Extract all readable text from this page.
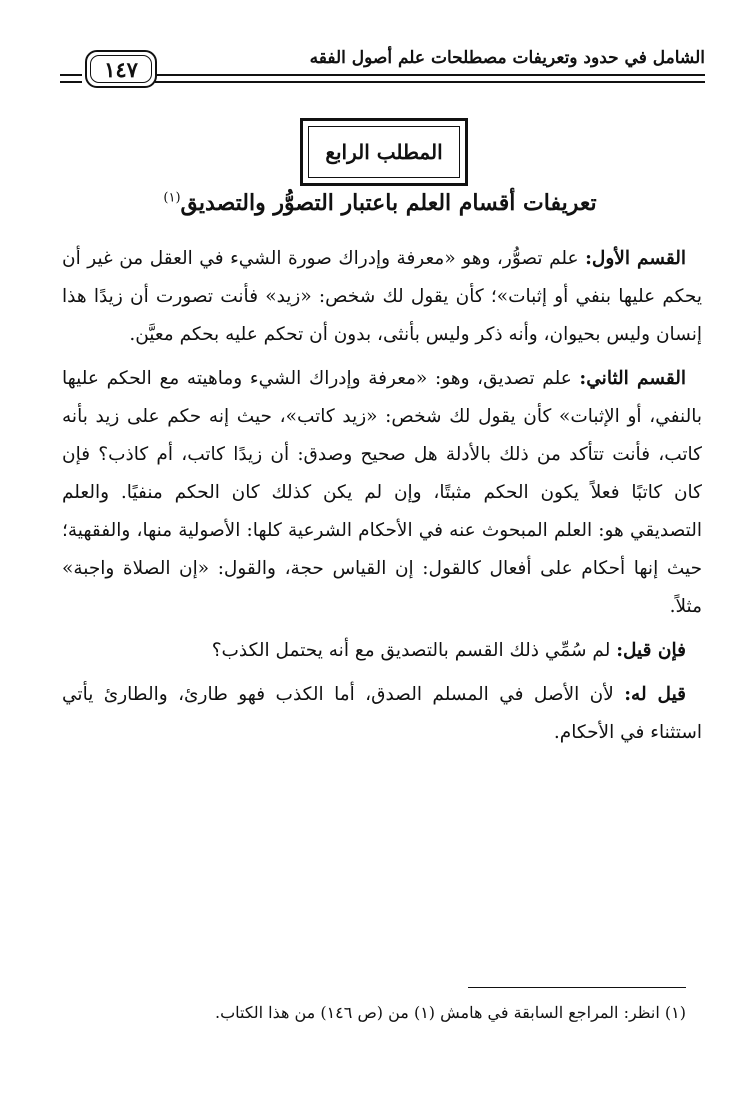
الشامل في حدود وتعريفات مصطلحات علم أصول الفقه
١٤٧
المطلب الرابع
تعريفات أقسام العلم باعتبار التصوُّر والتصديق$^{(١)}$

القسم الأول: علم تصوُّر، وهو «معرفة وإدراك صورة الشيء في العقل من غير أن يحكم عليها بنفي أو إثبات»؛ كأن يقول لك شخص: «زيد» فأنت تصورت أن زيدًا هذا إنسان وليس بحيوان، وأنه ذكر وليس بأنثى، بدون أن تحكم عليه بحكم معيَّن.

القسم الثاني: علم تصديق، وهو: «معرفة وإدراك الشيء وماهيته مع الحكم عليها بالنفي، أو الإثبات» كأن يقول لك شخص: «زيد كاتب»، حيث إنه حكم على زيد بأنه كاتب، فأنت تتأكد من ذلك بالأدلة هل صحيح وصدق: أن زيدًا كاتب، أم كاذب؟ فإن كان كاتبًا فعلاً يكون الحكم مثبتًا، وإن لم يكن كذلك كان الحكم منفيًا. والعلم التصديقي هو: العلم المبحوث عنه في الأحكام الشرعية كلها: الأصولية منها، والفقهية؛ حيث إنها أحكام على أفعال كالقول: إن القياس حجة، والقول: «إن الصلاة واجبة» مثلاً.

فإن قيل: لم سُمِّي ذلك القسم بالتصديق مع أنه يحتمل الكذب؟

قيل له: لأن الأصل في المسلم الصدق، أما الكذب فهو طارئ، والطارئ يأتي استثناء في الأحكام.

(١) انظر: المراجع السابقة في هامش (١) من (ص ١٤٦) من هذا الكتاب.
